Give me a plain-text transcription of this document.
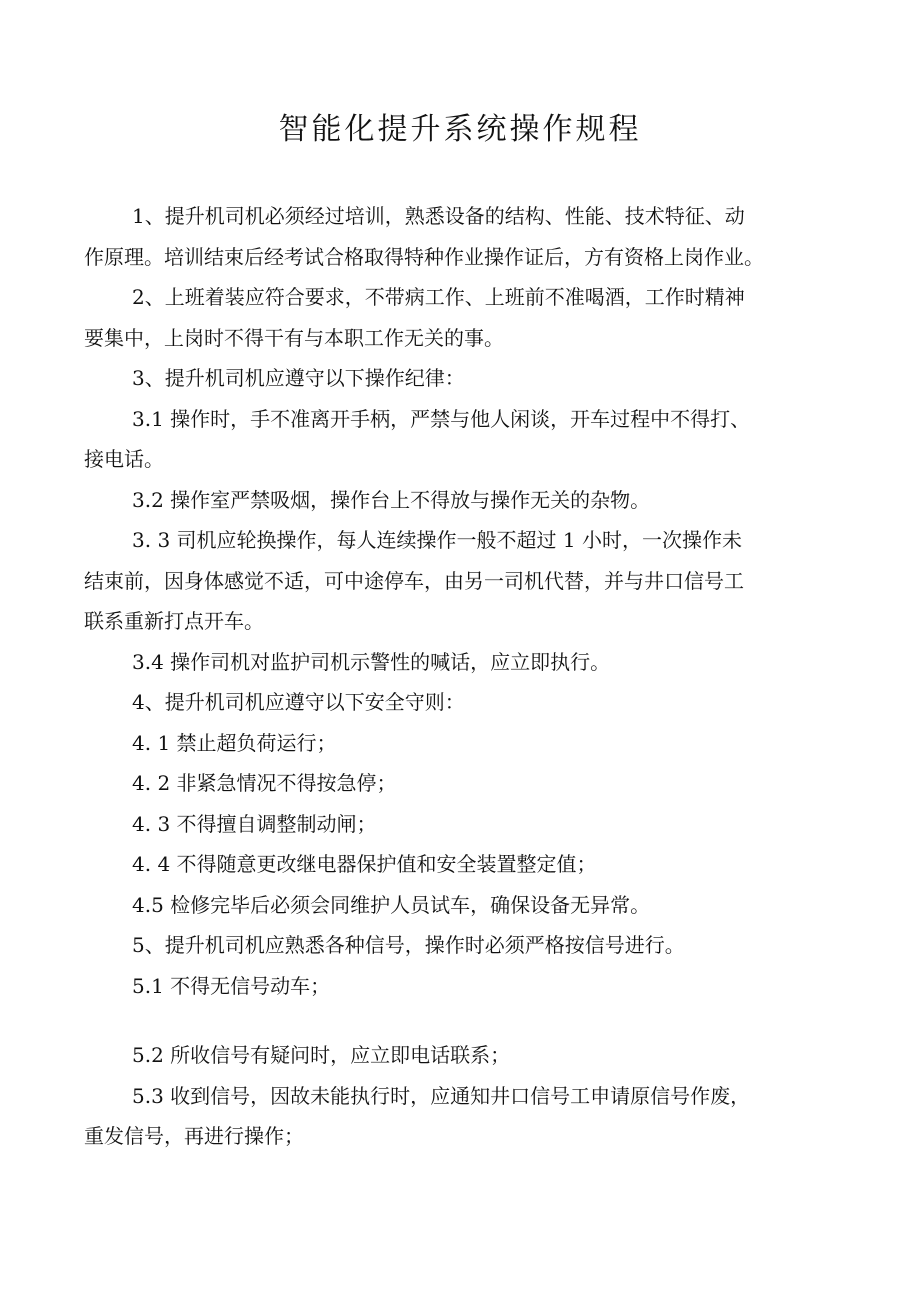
智能化提升系统操作规程
1、提升机司机必须经过培训，熟悉设备的结构、性能、技术特征、动
作原理。培训结束后经考试合格取得特种作业操作证后，方有资格上岗作业。
2、上班着装应符合要求，不带病工作、上班前不准喝酒，工作时精神
要集中，上岗时不得干有与本职工作无关的事。
3、提升机司机应遵守以下操作纪律：
3.1 操作时，手不准离开手柄，严禁与他人闲谈，开车过程中不得打、
接电话。
3.2 操作室严禁吸烟，操作台上不得放与操作无关的杂物。
3. 3 司机应轮换操作，每人连续操作一般不超过 1 小时，一次操作未
结束前，因身体感觉不适，可中途停车，由另一司机代替，并与井口信号工
联系重新打点开车。
3.4 操作司机对监护司机示警性的喊话，应立即执行。
4、提升机司机应遵守以下安全守则：
4. 1 禁止超负荷运行；
4. 2 非紧急情况不得按急停；
4. 3 不得擅自调整制动闸；
4. 4 不得随意更改继电器保护值和安全装置整定值；
4.5 检修完毕后必须会同维护人员试车，确保设备无异常。
5、提升机司机应熟悉各种信号，操作时必须严格按信号进行。
5.1 不得无信号动车；
5.2 所收信号有疑问时，应立即电话联系；
5.3 收到信号，因故未能执行时，应通知井口信号工申请原信号作废，
重发信号，再进行操作；
